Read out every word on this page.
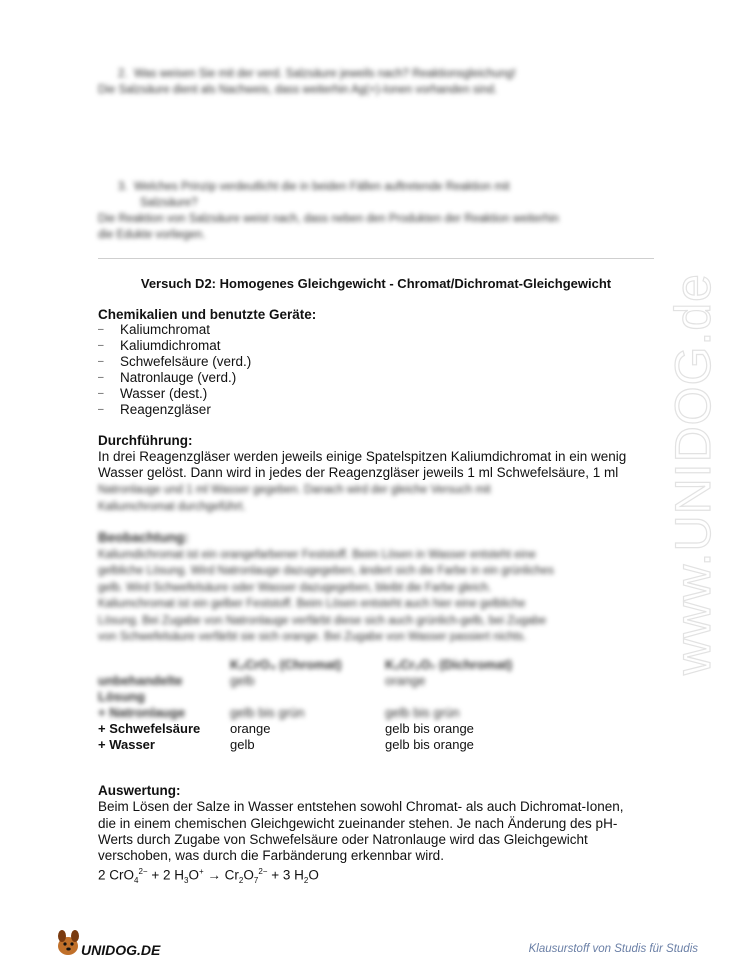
2. Was weisen Sie mit der verd. Salzsäure jeweils nach? Reaktionsgleichung!
Die Salzsäure dient als Nachweis, dass weiterhin Ag(+)-Ionen vorhanden sind.
3. Welches Prinzip verdeutlicht die in beiden Fällen auftretende Reaktion mit
Salzsäure?
Die Reaktion von Salzsäure weist nach, dass neben den Produkten der Reaktion weiterhin
die Edukte vorliegen.
Versuch D2: Homogenes Gleichgewicht - Chromat/Dichromat-Gleichgewicht
Chemikalien und benutzte Geräte:
– Kaliumchromat
– Kaliumdichromat
– Schwefelsäure (verd.)
– Natronlauge (verd.)
– Wasser (dest.)
– Reagenzgläser
Durchführung:
In drei Reagenzgläser werden jeweils einige Spatelspitzen Kaliumdichromat in ein wenig
Wasser gelöst. Dann wird in jedes der Reagenzgläser jeweils 1 ml Schwefelsäure, 1 ml
Natronlauge und 1 ml Wasser gegeben. Danach wird der gleiche Versuch mit
Kaliumchromat durchgeführt.
Beobachtung:
Kaliumdichromat ist ein orangefarbener Feststoff. Beim Lösen in Wasser entsteht eine
gelbliche Lösung. Wird Natronlauge dazugegeben, ändert sich die Farbe in ein grünliches
gelb. Wird Schwefelsäure oder Wasser dazugegeben, bleibt die Farbe gleich.
Kaliumchromat ist ein gelber Feststoff. Beim Lösen entsteht auch hier eine gelbliche
Lösung. Bei Zugabe von Natronlauge verfärbt diese sich auch grünlich-gelb, bei Zugabe
von Schwefelsäure verfärbt sie sich orange. Bei Zugabe von Wasser passiert nichts.
	K₂CrO₄ (Chromat)	K₂Cr₂O₇ (Dichromat)
unbehandelte	gelb	orange
Lösung		
+ Natronlauge	gelb bis grün	gelb bis grün
+ Schwefelsäure	orange	gelb bis orange
+ Wasser	gelb	gelb bis orange
Auswertung:
Beim Lösen der Salze in Wasser entstehen sowohl Chromat- als auch Dichromat-Ionen,
die in einem chemischen Gleichgewicht zueinander stehen. Je nach Änderung des pH-
Werts durch Zugabe von Schwefelsäure oder Natronlauge wird das Gleichgewicht
verschoben, was durch die Farbänderung erkennbar wird.
2 CrO$_4^{2-}$ + 2 $H_3O^+ \to Cr_2O_7^{2-} + 3$ $H_2O$
www.UNIDOG.de
UNIDOG.DE	Klausurstoff von Studis für Studis
